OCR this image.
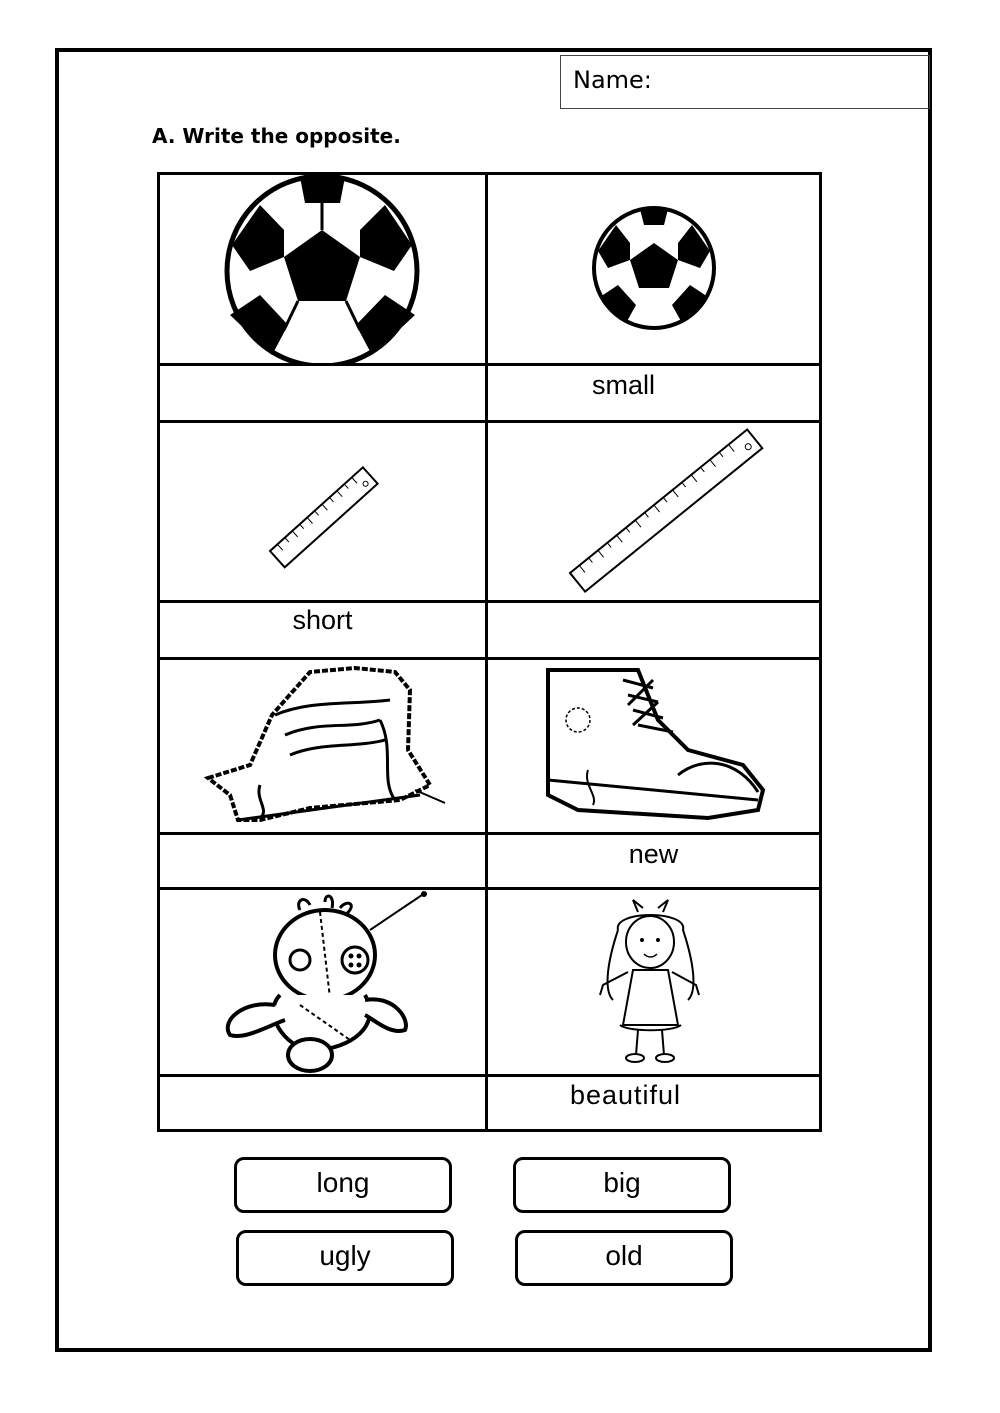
Name:
A. Write the opposite.
small
short
new
beautiful
long	big
ugly	old
